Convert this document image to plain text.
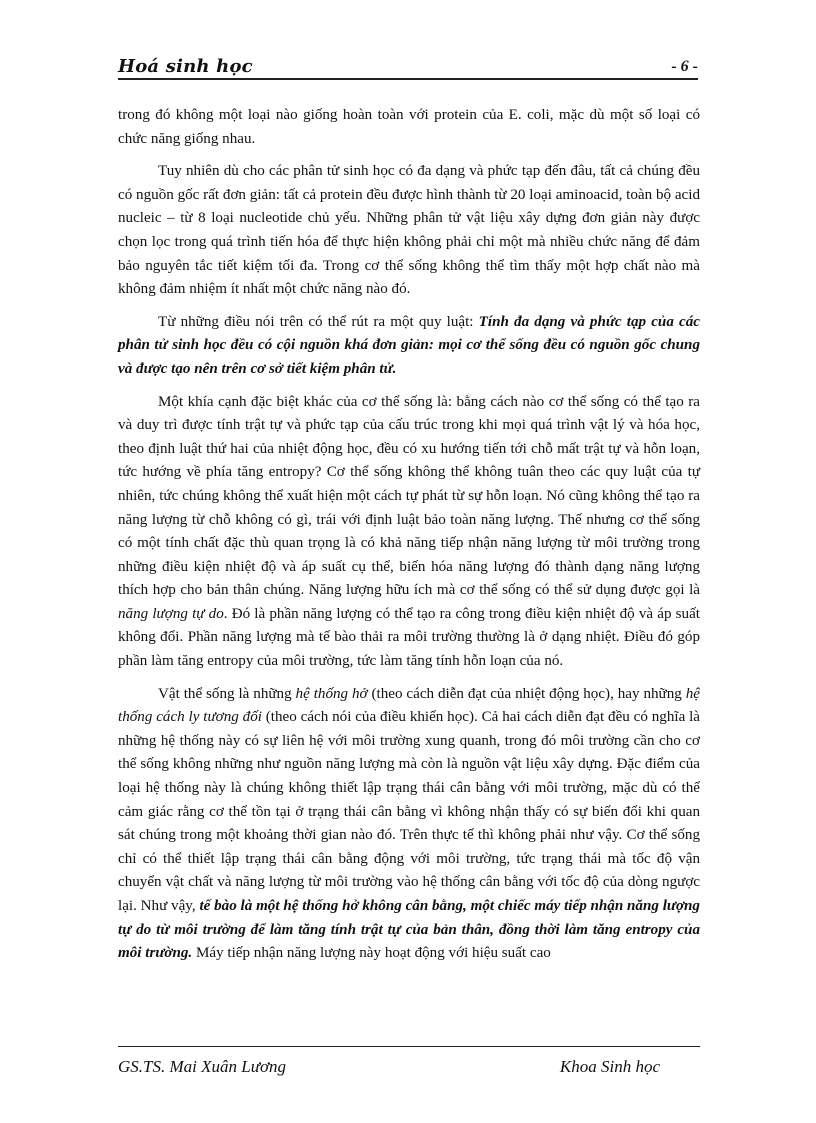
Hoá sinh học	- 6 -

trong đó không một loại nào giống hoàn toàn với protein của E. coli, mặc dù một số loại có chức năng giống nhau.

Tuy nhiên dù cho các phân tử sinh học có đa dạng và phức tạp đến đâu, tất cả chúng đều có nguồn gốc rất đơn giản: tất cả protein đều được hình thành từ 20 loại aminoacid, toàn bộ acid nucleic – từ 8 loại nucleotide chủ yếu. Những phân tử vật liệu xây dựng đơn giản này được chọn lọc trong quá trình tiến hóa để thực hiện không phải chỉ một mà nhiều chức năng để đảm bảo nguyên tắc tiết kiệm tối đa. Trong cơ thể sống không thể tìm thấy một hợp chất nào mà không đảm nhiệm ít nhất một chức năng nào đó.

Từ những điều nói trên có thể rút ra một quy luật: Tính đa dạng và phức tạp của các phân tử sinh học đều có cội nguồn khá đơn giản: mọi cơ thể sống đều có nguồn gốc chung và được tạo nên trên cơ sở tiết kiệm phân tử.

Một khía cạnh đặc biệt khác của cơ thể sống là: bằng cách nào cơ thể sống có thể tạo ra và duy trì được tính trật tự và phức tạp của cấu trúc trong khi mọi quá trình vật lý và hóa học, theo định luật thứ hai của nhiệt động học, đều có xu hướng tiến tới chỗ mất trật tự và hỗn loạn, tức hướng về phía tăng entropy? Cơ thể sống không thể không tuân theo các quy luật của tự nhiên, tức chúng không thể xuất hiện một cách tự phát từ sự hỗn loạn. Nó cũng không thể tạo ra năng lượng từ chỗ không có gì, trái với định luật bảo toàn năng lượng. Thế nhưng cơ thể sống có một tính chất đặc thù quan trọng là có khả năng tiếp nhận năng lượng từ môi trường trong những điều kiện nhiệt độ và áp suất cụ thể, biến hóa năng lượng đó thành dạng năng lượng thích hợp cho bản thân chúng. Năng lượng hữu ích mà cơ thể sống có thể sử dụng được gọi là năng lượng tự do. Đó là phần năng lượng có thể tạo ra công trong điều kiện nhiệt độ và áp suất không đổi. Phần năng lượng mà tế bào thải ra môi trường thường là ở dạng nhiệt. Điều đó góp phần làm tăng entropy của môi trường, tức làm tăng tính hỗn loạn của nó.

Vật thể sống là những hệ thống hở (theo cách diễn đạt của nhiệt động học), hay những hệ thống cách ly tương đối (theo cách nói của điều khiển học). Cả hai cách diễn đạt đều có nghĩa là những hệ thống này có sự liên hệ với môi trường xung quanh, trong đó môi trường cần cho cơ thể sống không những như nguồn năng lượng mà còn là nguồn vật liệu xây dựng. Đặc điểm của loại hệ thống này là chúng không thiết lập trạng thái cân bằng với môi trường, mặc dù có thể cảm giác rằng cơ thể tồn tại ở trạng thái cân bằng vì không nhận thấy có sự biến đổi khi quan sát chúng trong một khoảng thời gian nào đó. Trên thực tế thì không phải như vậy. Cơ thể sống chỉ có thể thiết lập trạng thái cân bằng động với môi trường, tức trạng thái mà tốc độ vận chuyển vật chất và năng lượng từ môi trường vào hệ thống cân bằng với tốc độ của dòng ngược lại. Như vậy, tế bào là một hệ thống hở không cân bằng, một chiếc máy tiếp nhận năng lượng tự do từ môi trường để làm tăng tính trật tự của bản thân, đồng thời làm tăng entropy của môi trường. Máy tiếp nhận năng lượng này hoạt động với hiệu suất cao

GS.TS. Mai Xuân Lương	Khoa Sinh học
